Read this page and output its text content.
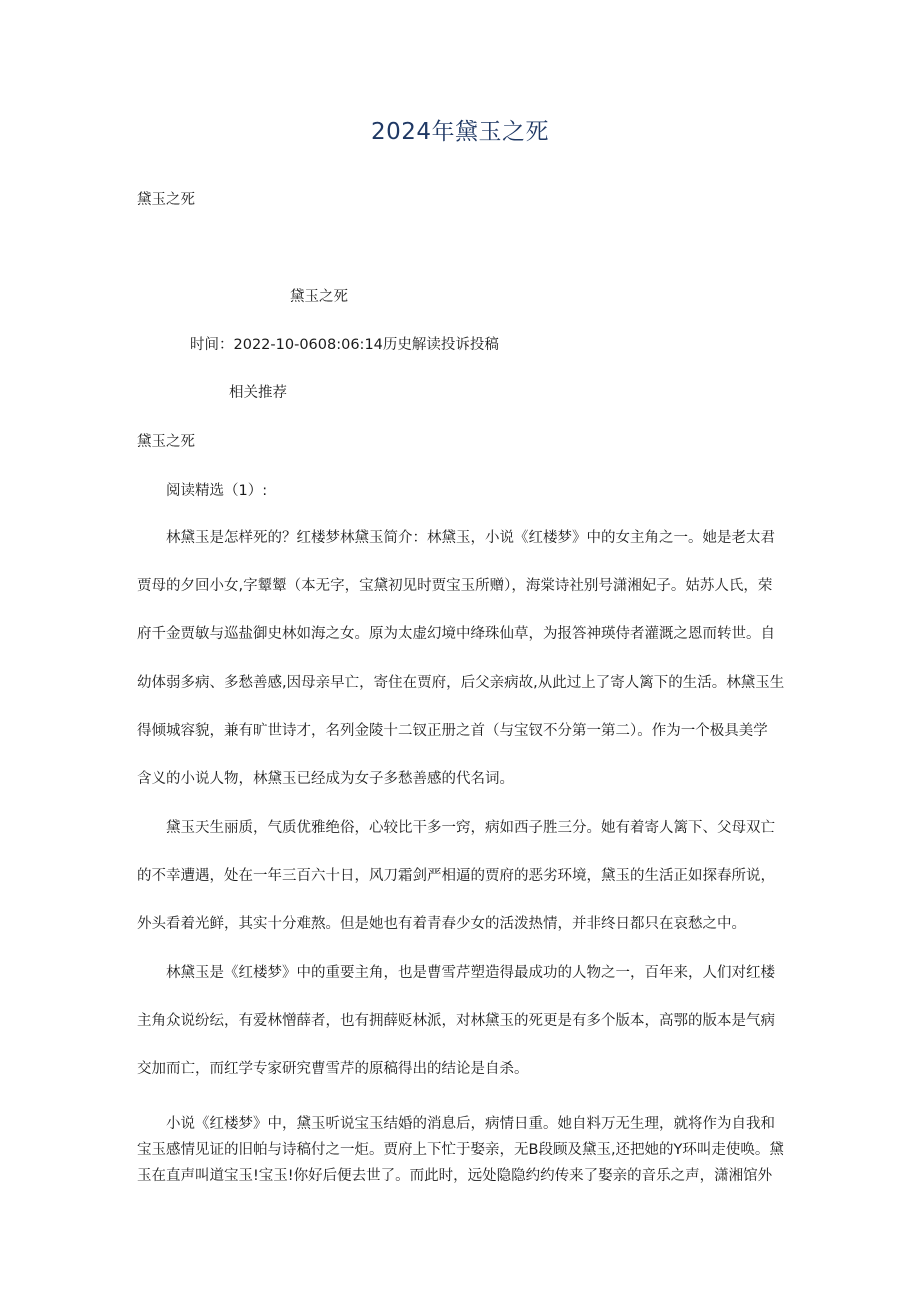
2024年黛玉之死
黛玉之死
黛玉之死
时间：2022-10-0608:06:14历史解读投诉投稿
相关推荐
黛玉之死
阅读精选（1）:
林黛玉是怎样死的？红楼梦林黛玉简介：林黛玉，小说《红楼梦》中的女主角之一。她是老太君
贾母的夕回小女,字颦颦（本无字，宝黛初见时贾宝玉所赠），海棠诗社别号潇湘妃子。姑苏人氏，荣
府千金贾敏与巡盐御史林如海之女。原为太虚幻境中绛珠仙草，为报答神瑛侍者灌溉之恩而转世。自
幼体弱多病、多愁善感,因母亲早亡，寄住在贾府，后父亲病故,从此过上了寄人篱下的生活。林黛玉生
得倾城容貌，兼有旷世诗才，名列金陵十二钗正册之首（与宝钗不分第一第二）。作为一个极具美学
含义的小说人物，林黛玉已经成为女子多愁善感的代名词。
黛玉天生丽质，气质优雅绝俗，心较比干多一窍，病如西子胜三分。她有着寄人篱下、父母双亡
的不幸遭遇，处在一年三百六十日，风刀霜剑严相逼的贾府的恶劣环境，黛玉的生活正如探春所说，
外头看着光鲜，其实十分难熬。但是她也有着青春少女的活泼热情，并非终日都只在哀愁之中。
林黛玉是《红楼梦》中的重要主角，也是曹雪芹塑造得最成功的人物之一，百年来，人们对红楼
主角众说纷纭，有爱林憎薛者，也有拥薛贬林派，对林黛玉的死更是有多个版本，高鄂的版本是气病
交加而亡，而红学专家研究曹雪芹的原稿得出的结论是自杀。
小说《红楼梦》中，黛玉听说宝玉结婚的消息后，病情日重。她自料万无生理，就将作为自我和
宝玉感情见证的旧帕与诗稿付之一炬。贾府上下忙于娶亲，无B段顾及黛玉,还把她的Y环叫走使唤。黛
玉在直声叫道宝玉!宝玉!你好后便去世了。而此时，远处隐隐约约传来了娶亲的音乐之声，潇湘馆外
